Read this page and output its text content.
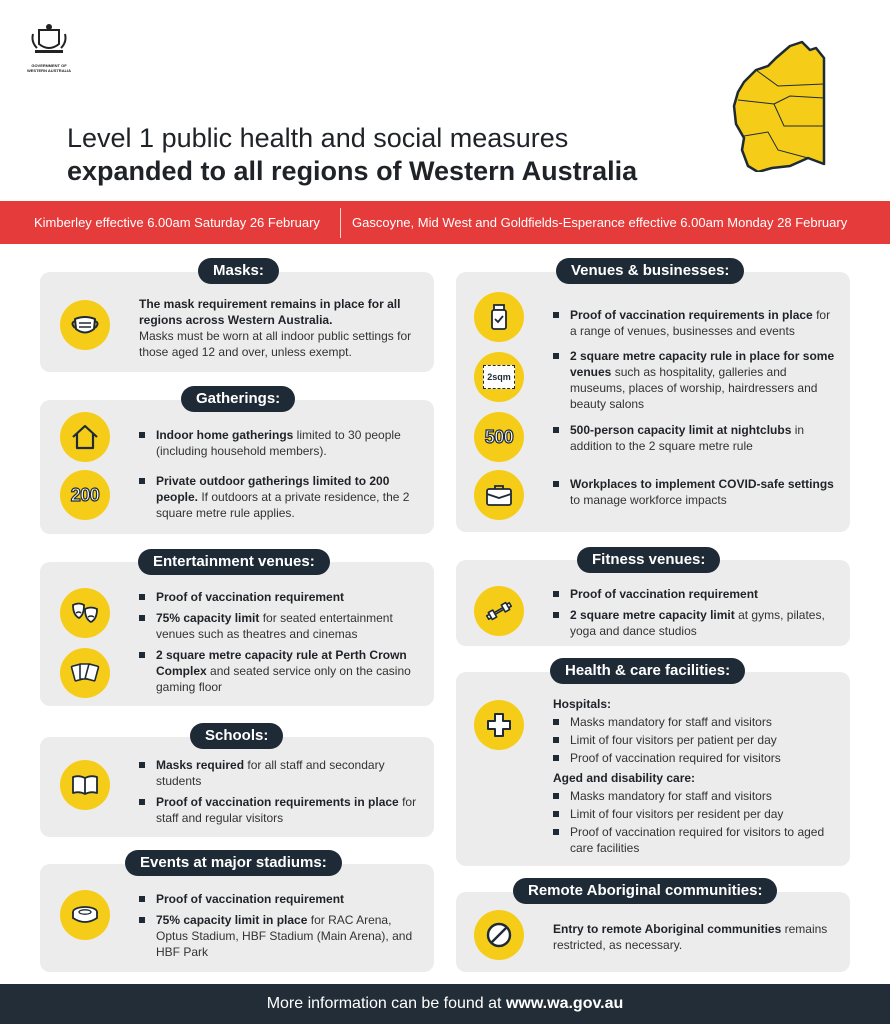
GOVERNMENT OF
WESTERN AUSTRALIA
Level 1 public health and social measures
expanded to all regions of Western Australia
Kimberley effective 6.00am Saturday 26 February	Gascoyne, Mid West and Goldfields-Esperance effective 6.00am Monday 28 February
Masks:
The mask requirement remains in place for all regions across Western Australia.
Masks must be worn at all indoor public settings for those aged 12 and over, unless exempt.
Gatherings:
200
Indoor home gatherings limited to 30 people (including household members).
Private outdoor gatherings limited to 200 people. If outdoors at a private residence, the 2 square metre rule applies.
Entertainment venues:
Proof of vaccination requirement
75% capacity limit for seated entertainment venues such as theatres and cinemas
2 square metre capacity rule at Perth Crown Complex and seated service only on the casino gaming floor
Schools:
Masks required for all staff and secondary students
Proof of vaccination requirements in place for staff and regular visitors
Events at major stadiums:
Proof of vaccination requirement
75% capacity limit in place for RAC Arena, Optus Stadium, HBF Stadium (Main Arena), and HBF Park
Venues & businesses:
2sqm
500
Proof of vaccination requirements in place for a range of venues, businesses and events
2 square metre capacity rule in place for some venues such as hospitality, galleries and museums, places of worship, hairdressers and beauty salons
500-person capacity limit at nightclubs in addition to the 2 square metre rule
Workplaces to implement COVID-safe settings to manage workforce impacts
Fitness venues:
Proof of vaccination requirement
2 square metre capacity limit at gyms, pilates, yoga and dance studios
Health & care facilities:
Hospitals:
Masks mandatory for staff and visitors
Limit of four visitors per patient per day
Proof of vaccination required for visitors
Aged and disability care:
Masks mandatory for staff and visitors
Limit of four visitors per resident per day
Proof of vaccination required for visitors to aged care facilities
Remote Aboriginal communities:
Entry to remote Aboriginal communities remains restricted, as necessary.
More information can be found at www.wa.gov.au
